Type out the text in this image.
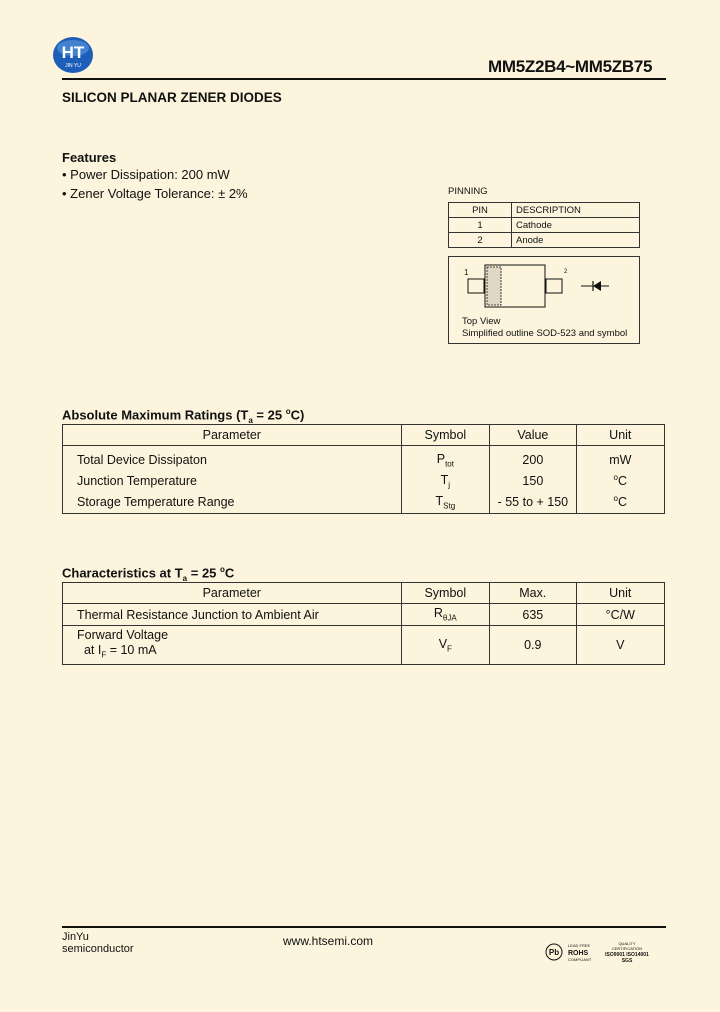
HT
JIN YU	MM5Z2B4~MM5ZB75
SILICON PLANAR ZENER DIODES
Features
• Power Dissipation: 200 mW
• Zener Voltage Tolerance: ± 2%	PINNING
PIN	DESCRIPTION
1	Cathode
2	Anode
1	2
Top View
Simplified outline SOD-523 and symbol
Absolute Maximum Ratings ($T_a = 25$ $^o$C)
Parameter	Symbol	Value	Unit

Total Device Dissipaton	$P_{tot}$	200	mW
Junction Temperature	$T_j$	150	$^o$C
Storage Temperature Range	$T_{Stg}$	- 55 to + 150	$^o$C
Characteristics at $T_a = 25$ $^o$C
Parameter	Symbol	Max.	Unit
Thermal Resistance Junction to Ambient Air	$R_{\theta JA}$	635	°C/W
Forward Voltage
at $I_F = 10$ mA	$V_F$	0.9	V
JinYu
semiconductor
www.htsemi.com
Pb
LEAD FREE
ROHS
COMPLIANT
QUALITY
CERTIFICATION
ISO9001 ISO14001
SGS
